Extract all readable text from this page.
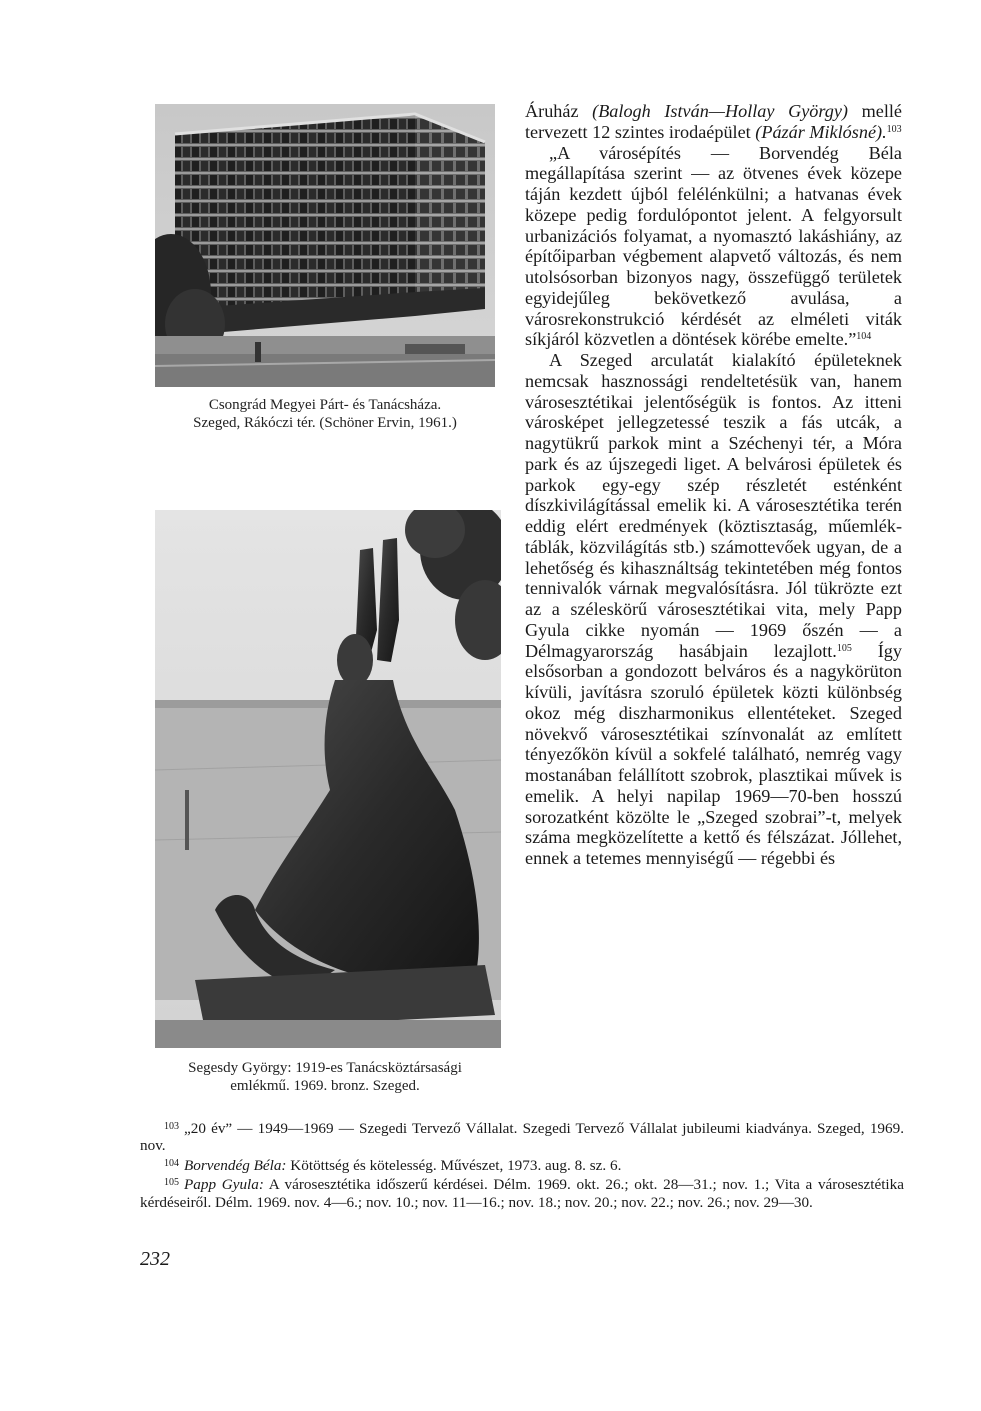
Csongrád Megyei Párt- és Tanácsháza.
Szeged, Rákóczi tér. (Schöner Ervin, 1961.)
Segesdy György: 1919-es Tanácsköztársasági
emlékmű. 1969. bronz. Szeged.

Áruház (Balogh István—Hollay György) mellé tervezett 12 szintes irodaépület (Pázár Miklósné).$^{103}$

„A városépítés — Borvendég Béla megállapítása szerint — az ötvenes évek közepe táján kezdett újból felélénkülni; a hatvanas évek közepe pedig fordulópontot jelent. A felgyorsult urbanizációs folyamat, a nyomasztó lakáshiány, az építőiparban végbement alapvető változás, és nem utolsósorban bizonyos nagy, összefüggő területek egyidejűleg bekövetkező avulása, a városrekonstrukció kérdését az elméleti viták síkjáról közvetlen a döntések körébe emelte.”$^{104}$

A Szeged arculatát kialakító épületeknek nemcsak hasznossági rendeltetésük van, hanem városesztétikai jelentőségük is fontos. Az itteni városképet jellegzetessé teszik a fás utcák, a nagytükrű parkok mint a Széchenyi tér, a Móra park és az újszegedi liget. A belvárosi épületek és parkok egy-egy szép részletét esténként díszkivilágítással emelik ki. A városesztétika terén eddig elért eredmények (köztisztaság, műemlék-táblák, közvilágítás stb.) számottevőek ugyan, de a lehetőség és kihasználtság tekintetében még fontos tennivalók várnak megvalósításra. Jól tükrözte ezt az a széleskörű városesztétikai vita, mely Papp Gyula cikke nyomán — 1969 őszén — a Délmagyarország hasábjain lezajlott.$^{105}$ Így elsősorban a gondozott belváros és a nagykörüton kívüli, javításra szoruló épületek közti különbség okoz még diszharmonikus ellentéteket. Szeged növekvő városesztétikai színvonalát az említett tényezőkön kívül a sokfelé található, nemrég vagy mostanában felállított szobrok, plasztikai művek is emelik. A helyi napilap 1969—70-ben hosszú sorozatként közölte le „Szeged szobrai”-t, melyek száma megközelítette a kettő és félszázat. Jóllehet, ennek a tetemes mennyiségű — régebbi és

$^{103}$ „20 év” — 1949—1969 — Szegedi Tervező Vállalat. Szegedi Tervező Vállalat jubileumi kiadványa. Szeged, 1969. nov.

$^{104}$ Borvendég Béla: Kötöttség és kötelesség. Művészet, 1973. aug. 8. sz. 6.

$^{105}$ Papp Gyula: A városesztétika időszerű kérdései. Délm. 1969. okt. 26.; okt. 28—31.; nov. 1.; Vita a városesztétika kérdéseiről. Délm. 1969. nov. 4—6.; nov. 10.; nov. 11—16.; nov. 18.; nov. 20.; nov. 22.; nov. 26.; nov. 29—30.

232
